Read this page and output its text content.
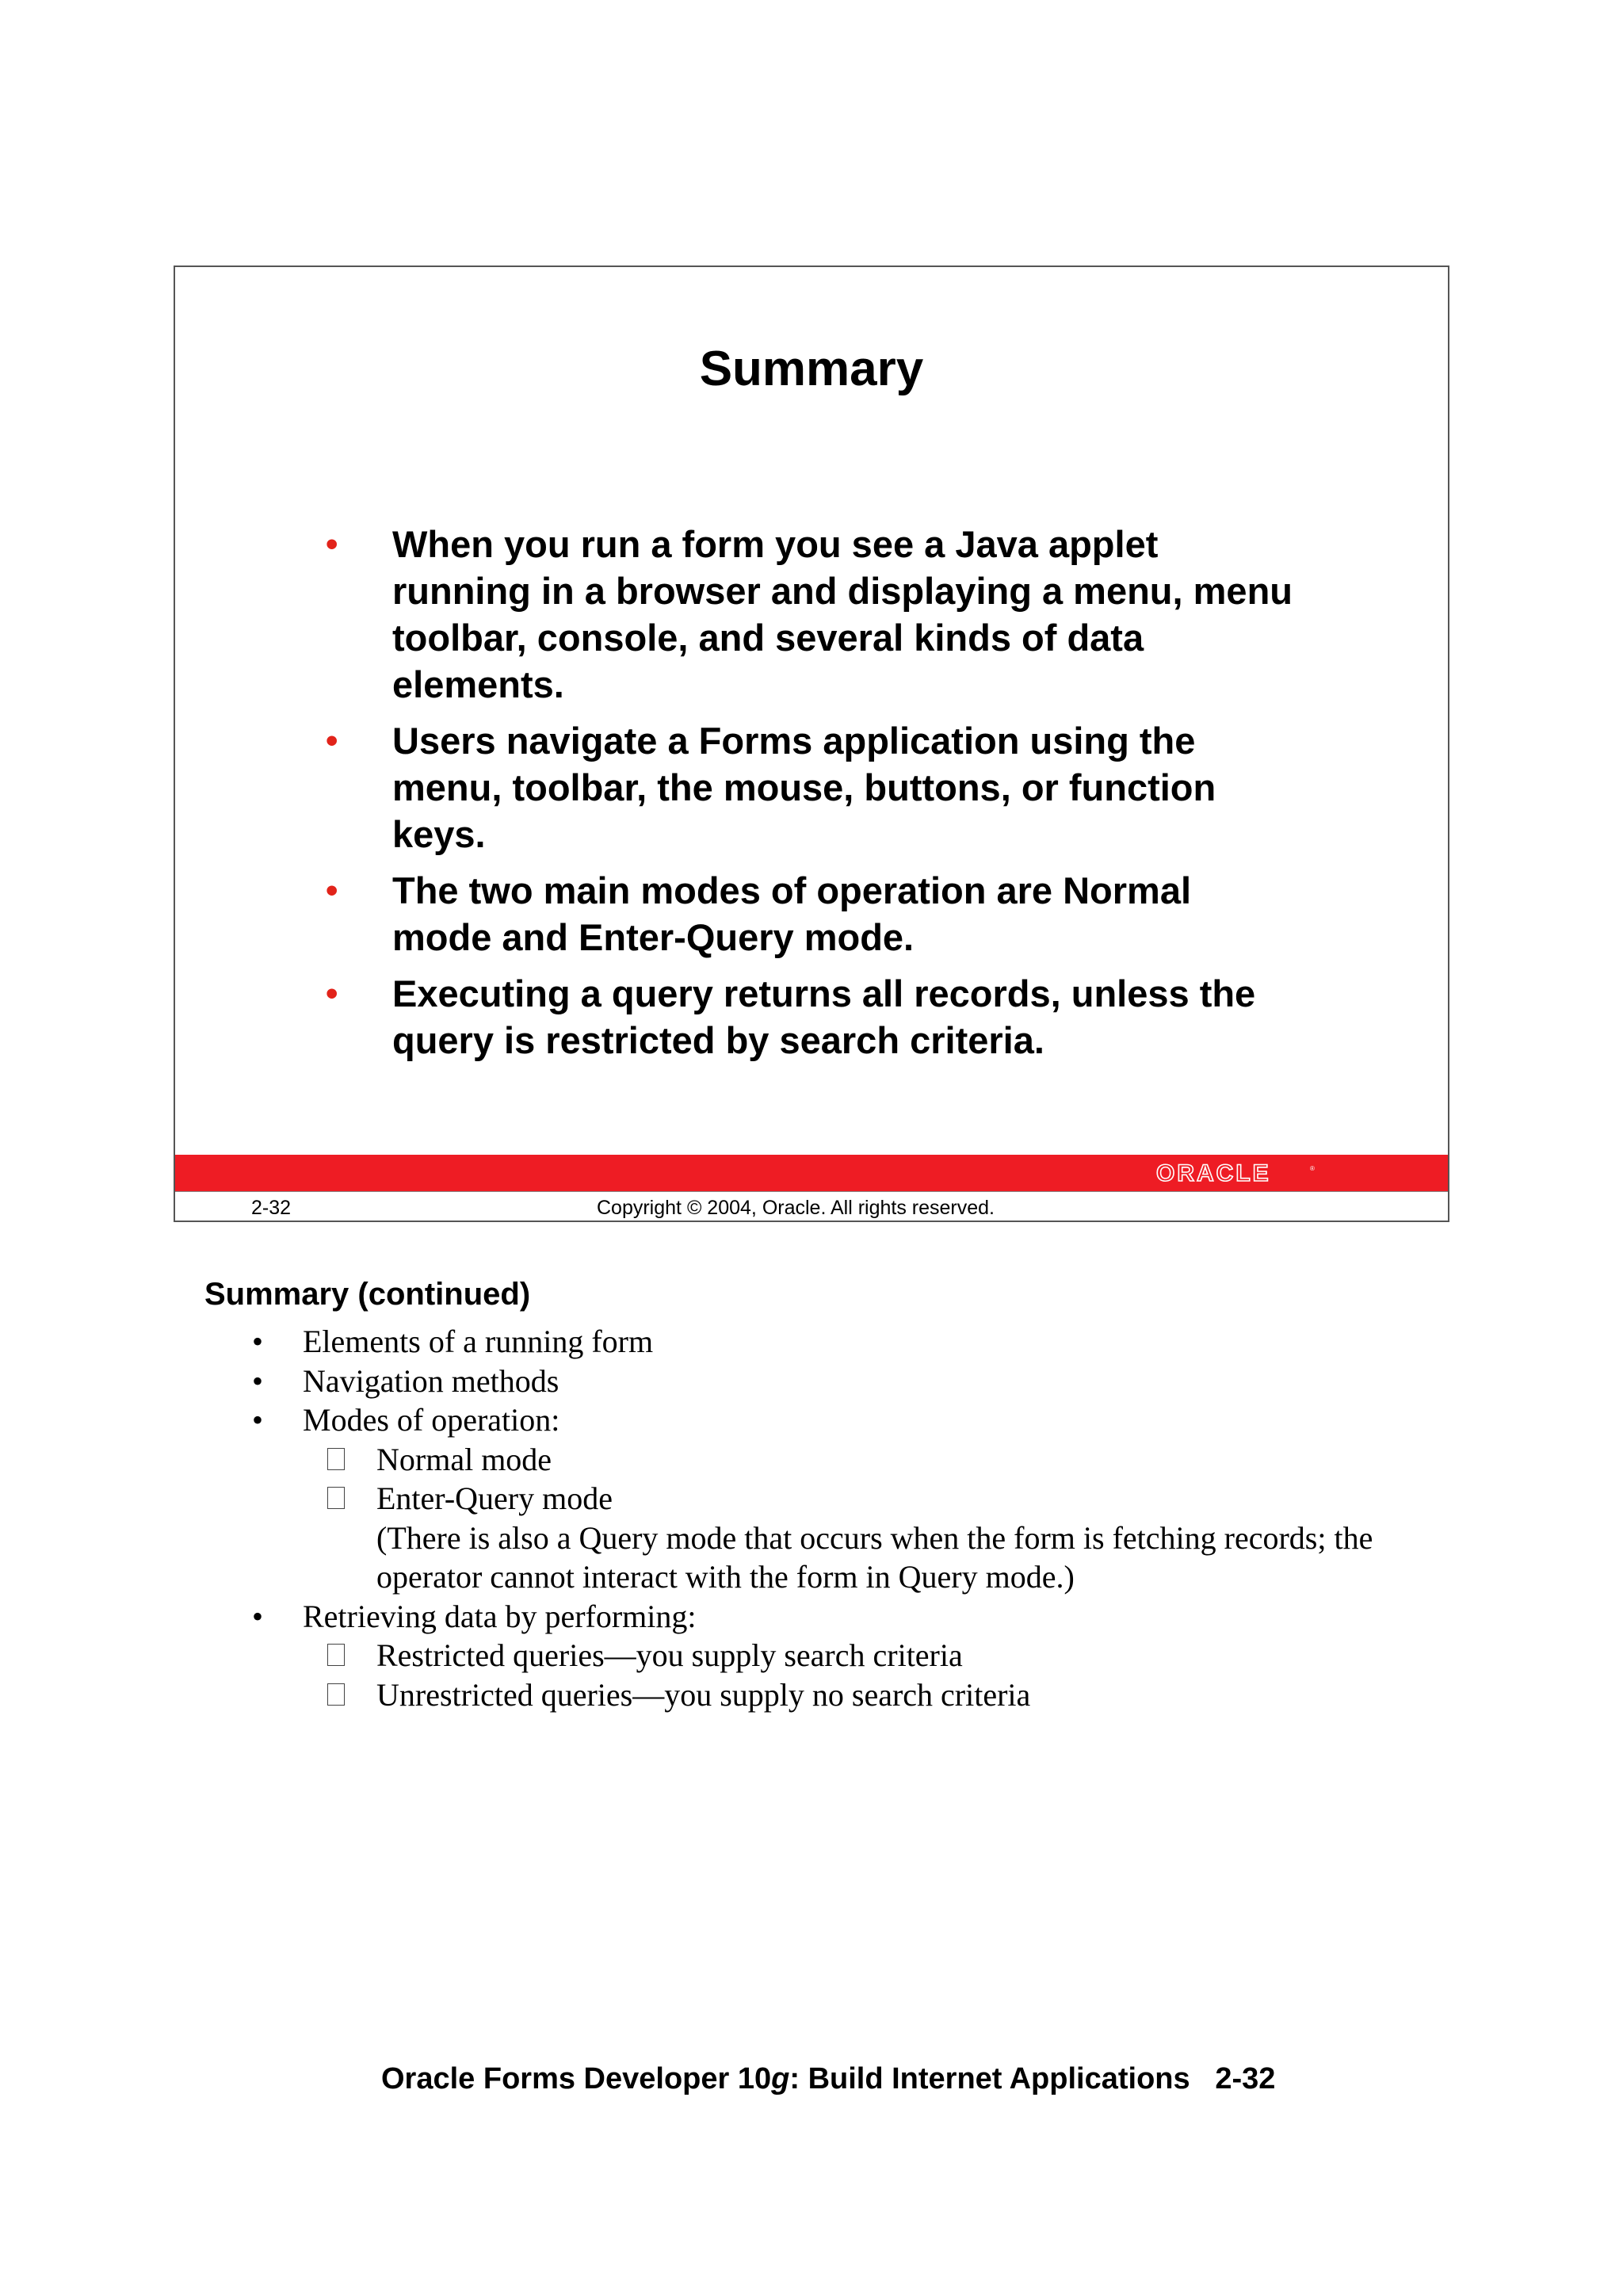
Summary
• When you run a form you see a Java applet
running in a browser and displaying a menu, menu
toolbar, console, and several kinds of data
elements.
• Users navigate a Forms application using the
menu, toolbar, the mouse, buttons, or function
keys.
• The two main modes of operation are Normal
mode and Enter-Query mode.
• Executing a query returns all records, unless the
query is restricted by search criteria.
ORACLE	®
2-32	Copyright © 2004, Oracle. All rights reserved.
Summary (continued)
• Elements of a running form
• Navigation methods
• Modes of operation:
Normal mode
Enter-Query mode
(There is also a Query mode that occurs when the form is fetching records; the
operator cannot interact with the form in Query mode.)
• Retrieving data by performing:
Restricted queries—you supply search criteria
Unrestricted queries—you supply no search criteria
Oracle Forms Developer 10g: Build Internet Applications 2-32
